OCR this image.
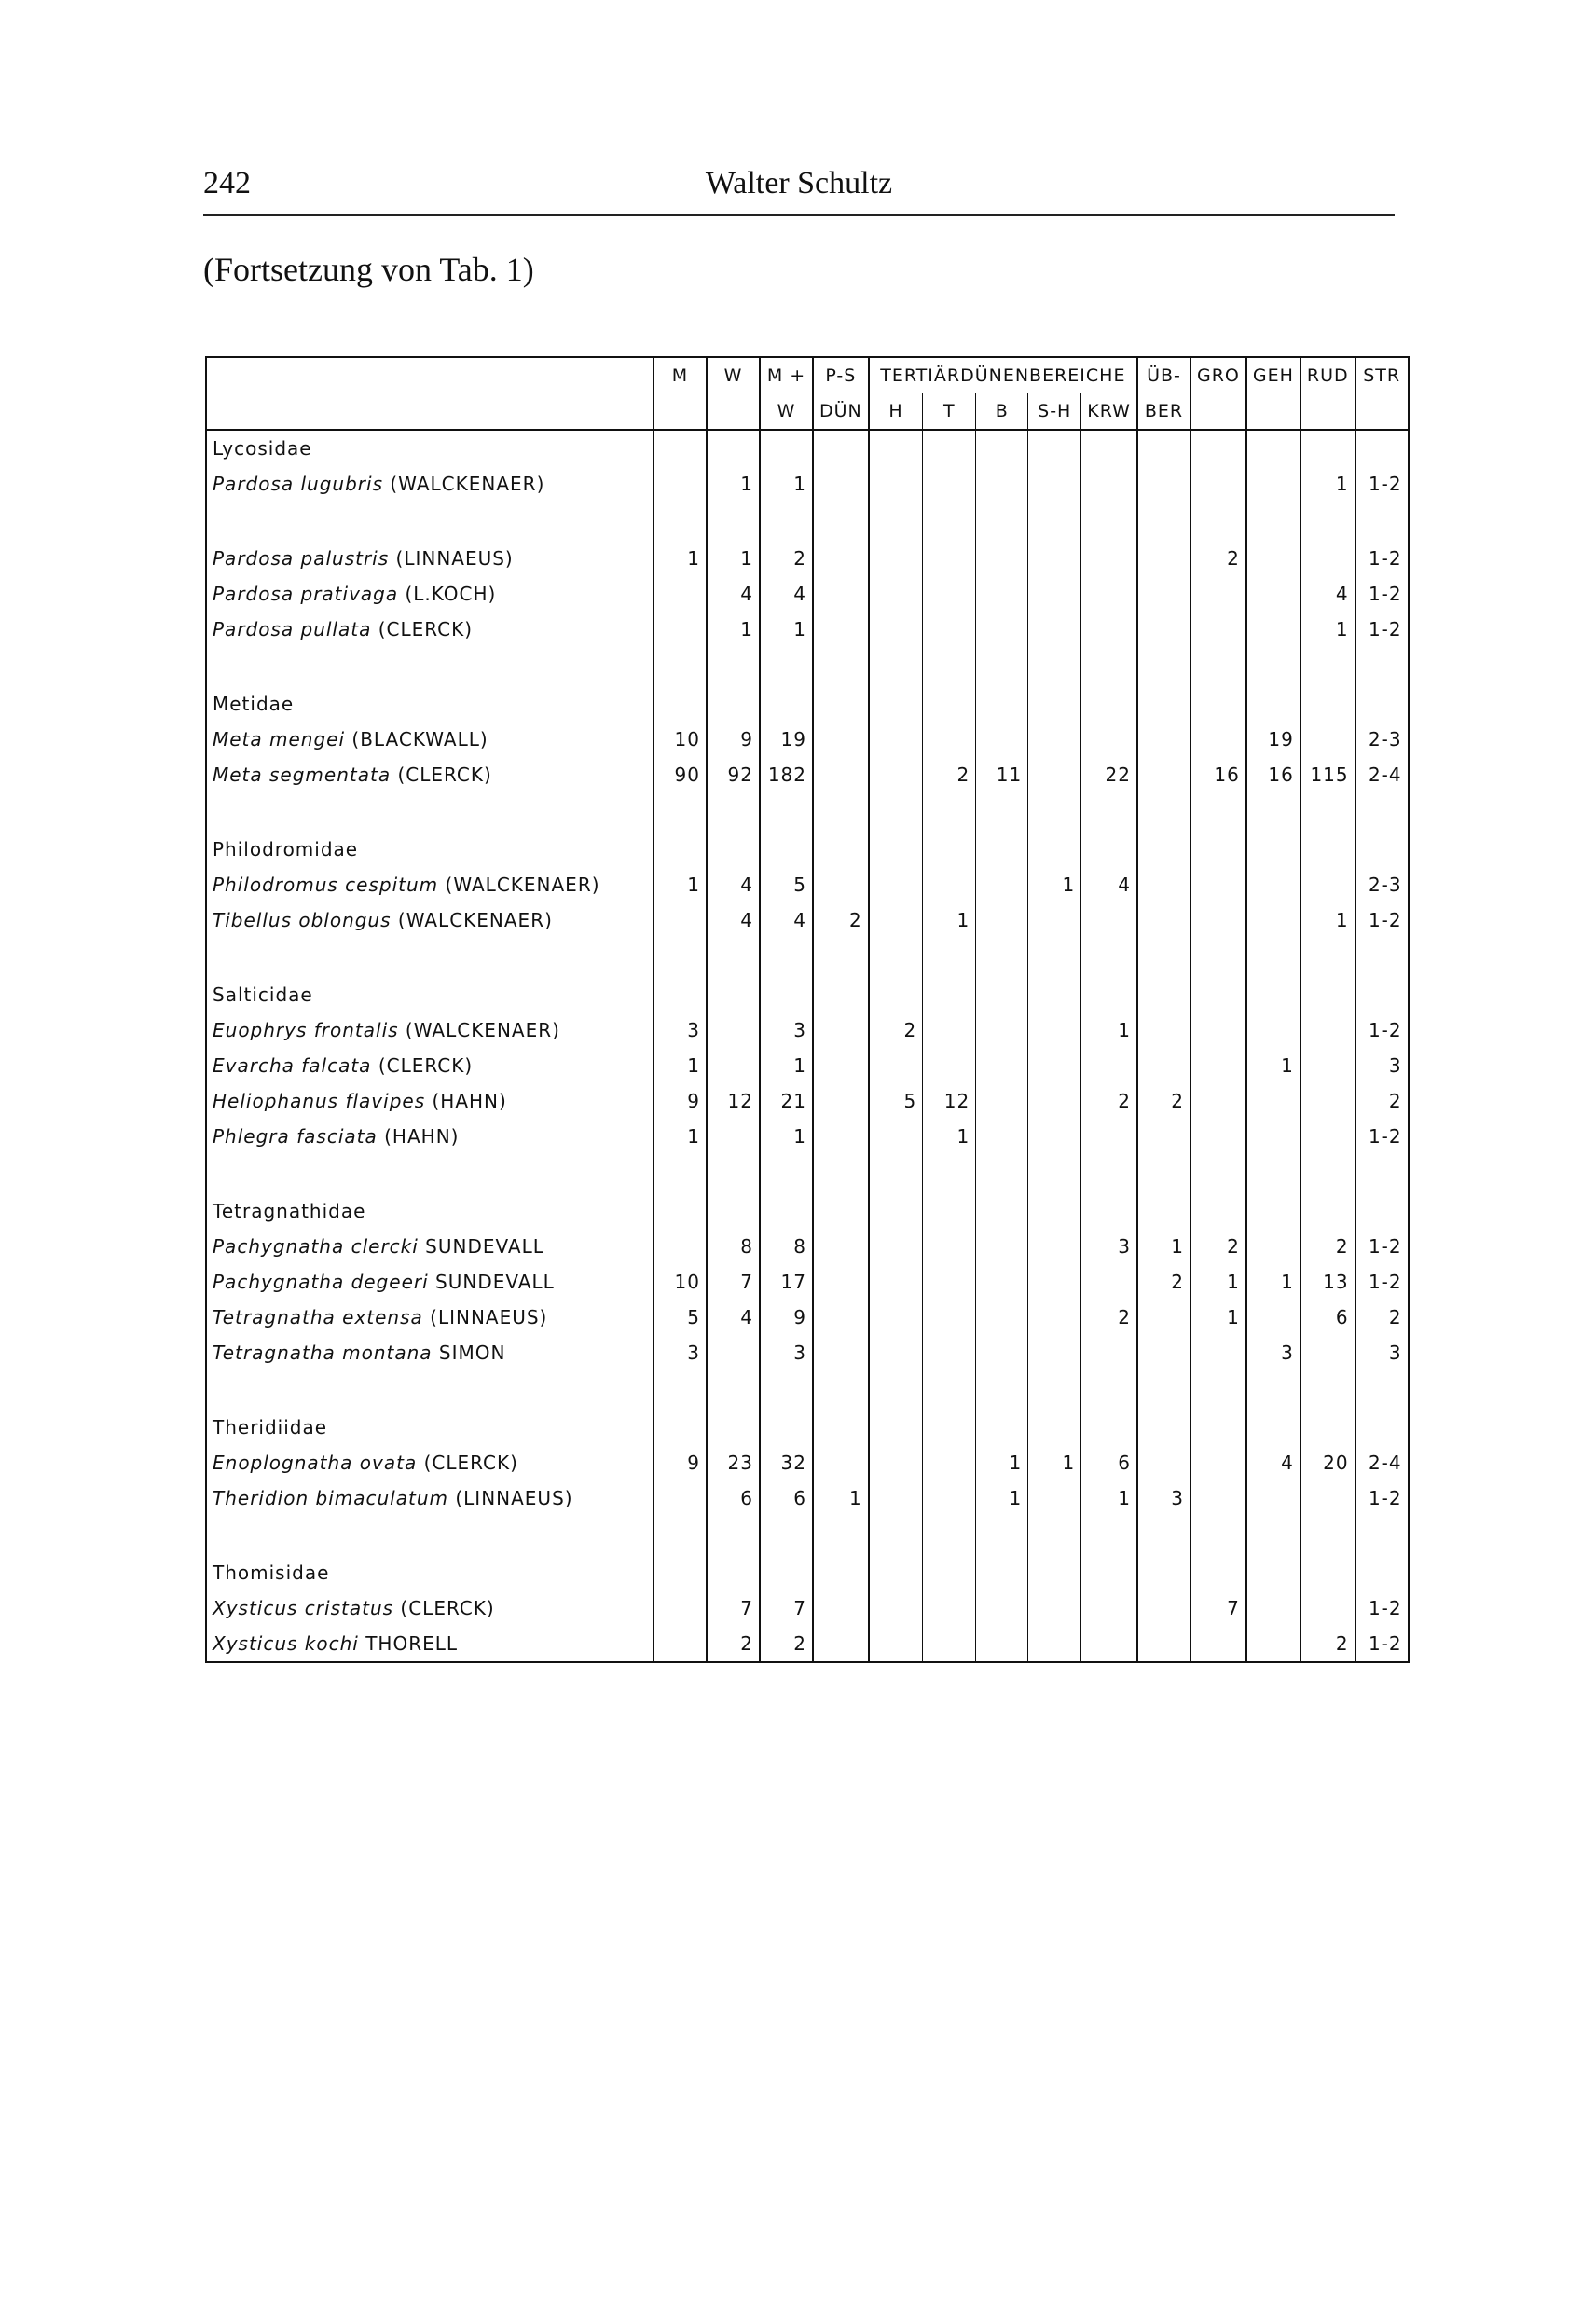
242	Walter Schultz
(Fortsetzung von Tab. 1)
	M	W	M +	P-S	TERTIÄRDÜNENBEREICHE					ÜB-	GRO	GEH	RUD	STR
			W	DÜN	H	T	B	S-H	KRW	BER				
Lycosidae														
Pardosa lugubris (WALCKENAER)		1	1										1	1-2

Pardosa palustris (LINNAEUS)	1	1	2								2			1-2
Pardosa prativaga (L.KOCH)		4	4										4	1-2
Pardosa pullata (CLERCK)		1	1										1	1-2

Metidae														
Meta mengei (BLACKWALL)	10	9	19									19		2-3
Meta segmentata (CLERCK)	90	92	182			2	11		22		16	16	115	2-4

Philodromidae														
Philodromus cespitum (WALCKENAER)	1	4	5					1	4					2-3
Tibellus oblongus (WALCKENAER)		4	4	2		1							1	1-2

Salticidae														
Euophrys frontalis (WALCKENAER)	3		3		2				1					1-2
Evarcha falcata (CLERCK)	1		1									1		3
Heliophanus flavipes (HAHN)	9	12	21		5	12			2	2				2
Phlegra fasciata (HAHN)	1		1			1								1-2

Tetragnathidae														
Pachygnatha clercki SUNDEVALL		8	8						3	1	2		2	1-2
Pachygnatha degeeri SUNDEVALL	10	7	17							2	1	1	13	1-2
Tetragnatha extensa (LINNAEUS)	5	4	9						2		1		6	2
Tetragnatha montana SIMON	3		3									3		3

Theridiidae														
Enoplognatha ovata (CLERCK)	9	23	32				1	1	6			4	20	2-4
Theridion bimaculatum (LINNAEUS)		6	6	1			1		1	3				1-2

Thomisidae														
Xysticus cristatus (CLERCK)		7	7								7			1-2
Xysticus kochi THORELL		2	2										2	1-2
